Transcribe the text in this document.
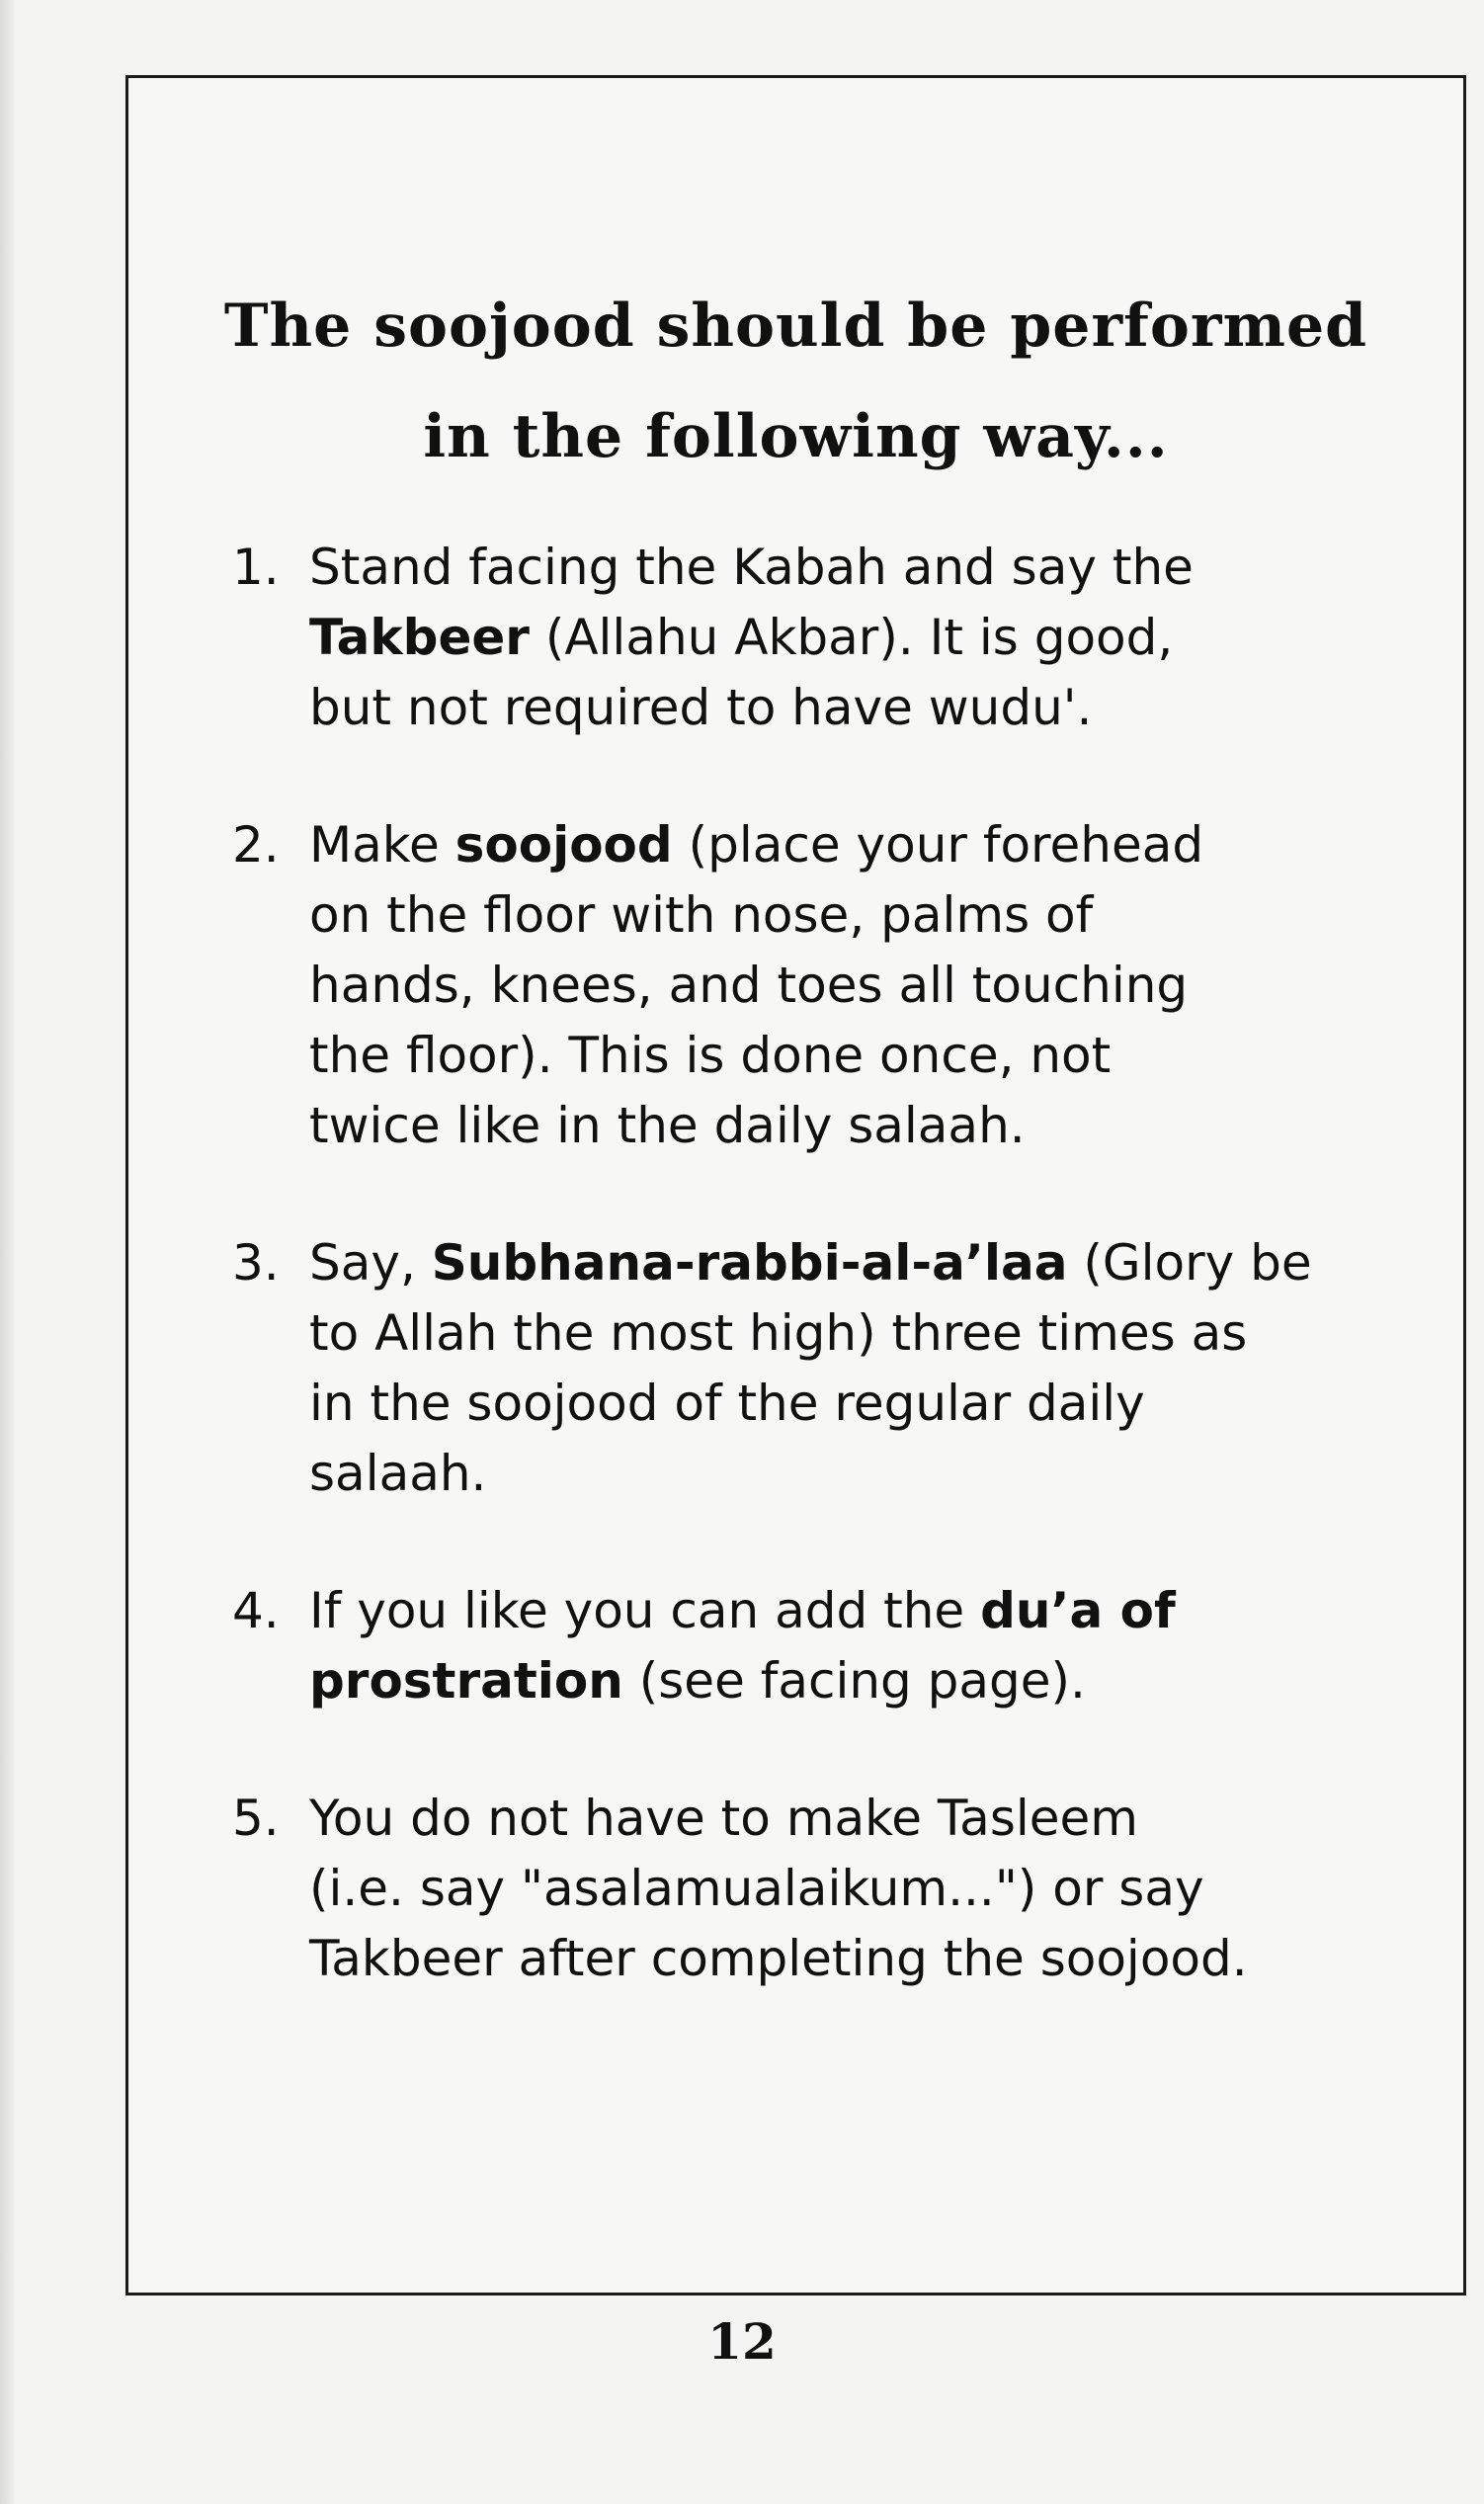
The soojood should be performed
in the following way...
1. Stand facing the Kabah and say the
Takbeer (Allahu Akbar). It is good,
but not required to have wudu'.
2. Make soojood (place your forehead
on the floor with nose, palms of
hands, knees, and toes all touching
the floor). This is done once, not
twice like in the daily salaah.
3. Say, Subhana-rabbi-al-a’laa (Glory be
to Allah the most high) three times as
in the soojood of the regular daily
salaah.
4. If you like you can add the du’a of
prostration (see facing page).
5. You do not have to make Tasleem
(i.e. say "asalamualaikum...") or say
Takbeer after completing the soojood.
12
